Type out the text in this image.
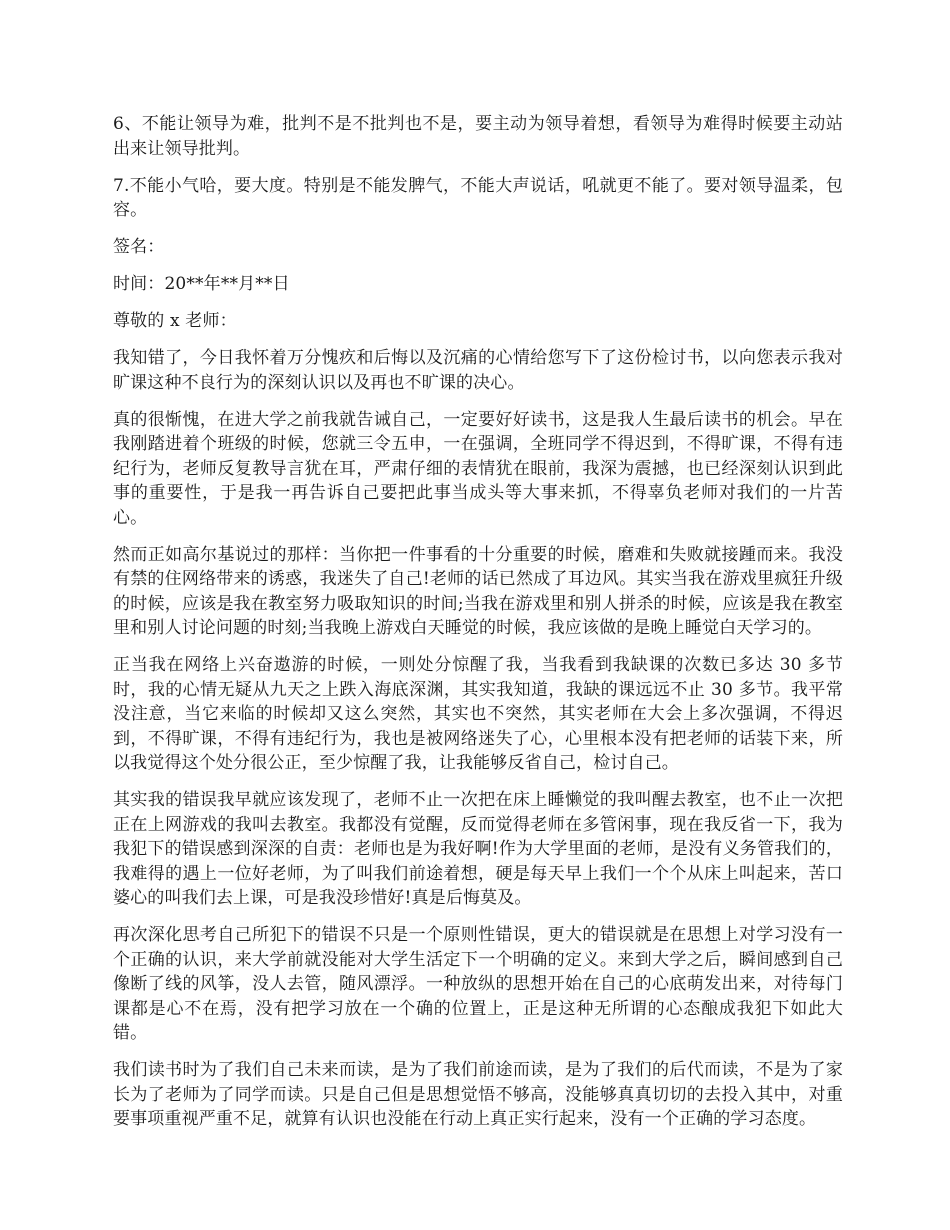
6、不能让领导为难，批判不是不批判也不是，要主动为领导着想，看领导为难得时候要主动站出来让领导批判。

7.不能小气哈，要大度。特别是不能发脾气，不能大声说话，吼就更不能了。要对领导温柔，包容。

签名：

时间：20**年**月**日

尊敬的 x 老师：

我知错了，今日我怀着万分愧疚和后悔以及沉痛的心情给您写下了这份检讨书，以向您表示我对旷课这种不良行为的深刻认识以及再也不旷课的决心。

真的很惭愧，在进大学之前我就告诫自己，一定要好好读书，这是我人生最后读书的机会。早在我刚踏进着个班级的时候，您就三令五申，一在强调，全班同学不得迟到，不得旷课，不得有违纪行为，老师反复教导言犹在耳，严肃仔细的表情犹在眼前，我深为震撼，也已经深刻认识到此事的重要性，于是我一再告诉自己要把此事当成头等大事来抓，不得辜负老师对我们的一片苦心。

然而正如高尔基说过的那样：当你把一件事看的十分重要的时候，磨难和失败就接踵而来。我没有禁的住网络带来的诱惑，我迷失了自己!老师的话已然成了耳边风。其实当我在游戏里疯狂升级的时候，应该是我在教室努力吸取知识的时间;当我在游戏里和别人拼杀的时候，应该是我在教室里和别人讨论问题的时刻;当我晚上游戏白天睡觉的时候，我应该做的是晚上睡觉白天学习的。

正当我在网络上兴奋遨游的时候，一则处分惊醒了我，当我看到我缺课的次数已多达 30 多节时，我的心情无疑从九天之上跌入海底深渊，其实我知道，我缺的课远远不止 30 多节。我平常没注意，当它来临的时候却又这么突然，其实也不突然，其实老师在大会上多次强调，不得迟到，不得旷课，不得有违纪行为，我也是被网络迷失了心，心里根本没有把老师的话装下来，所以我觉得这个处分很公正，至少惊醒了我，让我能够反省自己，检讨自己。

其实我的错误我早就应该发现了，老师不止一次把在床上睡懒觉的我叫醒去教室，也不止一次把正在上网游戏的我叫去教室。我都没有觉醒，反而觉得老师在多管闲事，现在我反省一下，我为我犯下的错误感到深深的自责：老师也是为我好啊!作为大学里面的老师，是没有义务管我们的，我难得的遇上一位好老师，为了叫我们前途着想，硬是每天早上我们一个个从床上叫起来，苦口婆心的叫我们去上课，可是我没珍惜好!真是后悔莫及。

再次深化思考自己所犯下的错误不只是一个原则性错误，更大的错误就是在思想上对学习没有一个正确的认识，来大学前就没能对大学生活定下一个明确的定义。来到大学之后，瞬间感到自己像断了线的风筝，没人去管，随风漂浮。一种放纵的思想开始在自己的心底萌发出来，对待每门课都是心不在焉，没有把学习放在一个确的位置上，正是这种无所谓的心态酿成我犯下如此大错。

我们读书时为了我们自己未来而读，是为了我们前途而读，是为了我们的后代而读，不是为了家长为了老师为了同学而读。只是自己但是思想觉悟不够高，没能够真真切切的去投入其中，对重要事项重视严重不足，就算有认识也没能在行动上真正实行起来，没有一个正确的学习态度。
